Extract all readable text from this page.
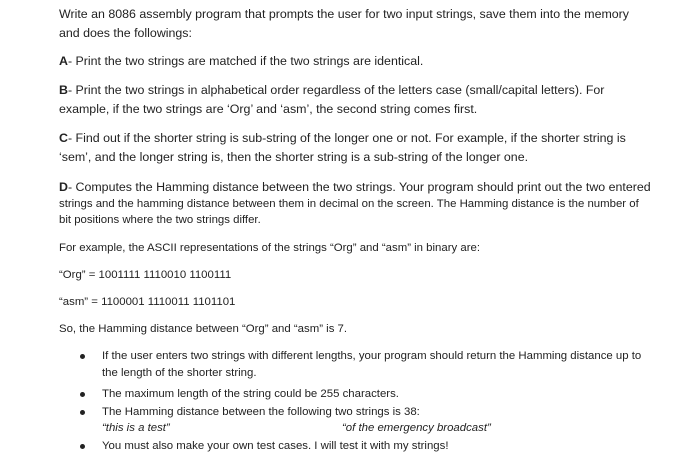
Write an 8086 assembly program that prompts the user for two input strings, save them into the memory
and does the followings:
A- Print the two strings are matched if the two strings are identical.
B- Print the two strings in alphabetical order regardless of the letters case (small/capital letters). For
example, if the two strings are ‘Org’ and ‘asm’, the second string comes first.
C- Find out if the shorter string is sub-string of the longer one or not. For example, if the shorter string is
‘sem’, and the longer string is, then the shorter string is a sub-string of the longer one.
D- Computes the Hamming distance between the two strings. Your program should print out the two entered
strings and the hamming distance between them in decimal on the screen. The Hamming distance is the number of
bit positions where the two strings differ.
For example, the ASCII representations of the strings “Org” and “asm” in binary are:
“Org” = 1001111 1110010 1100111
“asm” = 1100001 1110011 1101101
So, the Hamming distance between “Org” and “asm” is 7.
If the user enters two strings with different lengths, your program should return the Hamming distance up to
the length of the shorter string.
The maximum length of the string could be 255 characters.
The Hamming distance between the following two strings is 38:
“this is a test”	“of the emergency broadcast”
You must also make your own test cases. I will test it with my strings!
